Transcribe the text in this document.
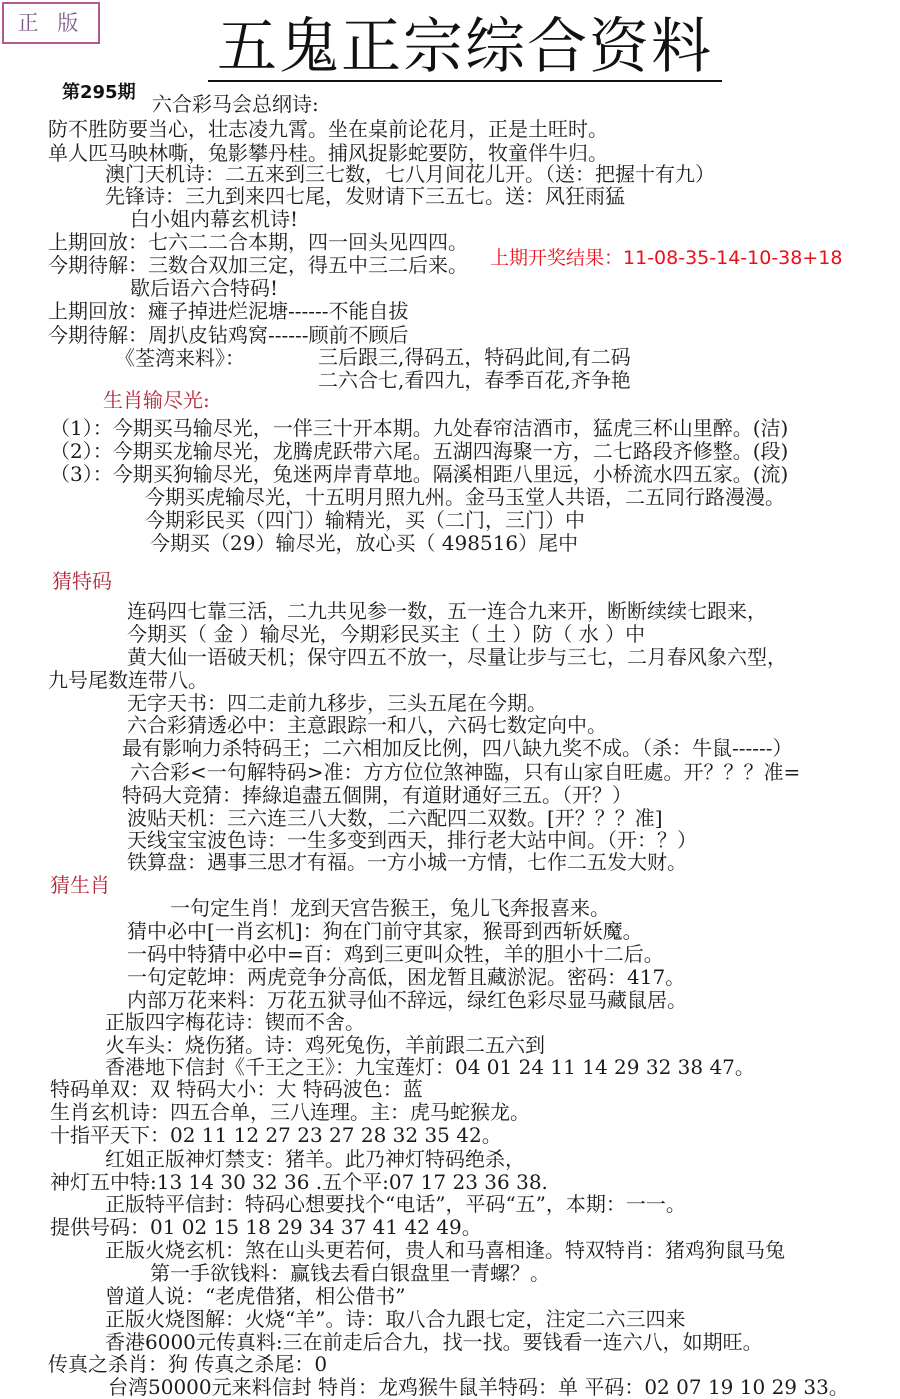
正 版 五鬼正宗综合资料
第295期 六合彩马会总纲诗:
防不胜防要当心，壮志凌九霄。坐在桌前论花月，正是土旺时。
单人匹马映林嘶，兔影攀丹桂。捕风捉影蛇要防，牧童伴牛归。
澳门天机诗：二五来到三七数，七八月间花儿开。（送：把握十有九）
先锋诗：三九到来四七尾，发财请下三五七。送：风狂雨猛
白小姐内幕玄机诗!
上期回放：七六二二合本期，四一回头见四四。
今期待解：三数合双加三定，得五中三二后来。 上期开奖结果：11-08-35-14-10-38+18
歇后语六合特码!
上期回放：瘫子掉进烂泥塘------不能自拔
今期待解：周扒皮钻鸡窝------顾前不顾后
《荃湾来料》：	三后跟三,得码五，特码此间,有二码
二六合七,看四九，春季百花,齐争艳
生肖输尽光:
（1）：今期买马输尽光，一伴三十开本期。九处春帘洁酒市，猛虎三杯山里醉。(洁)
（2）：今期买龙输尽光，龙腾虎跃带六尾。五湖四海聚一方，二七路段齐修整。(段)
（3）：今期买狗输尽光，兔迷两岸青草地。隔溪相距八里远，小桥流水四五家。(流)
今期买虎输尽光，十五明月照九州。金马玉堂人共语，二五同行路漫漫。
今期彩民买（四门）输精光，买（二门，三门）中
今期买（29）输尽光，放心买（ 498516）尾中
猜特码
连码四七靠三活，二九共见参一数，五一连合九来开，断断续续七跟来，
今期买（ 金 ）输尽光，今期彩民买主（ 土 ）防（ 水 ）中
黄大仙一语破天机；保守四五不放一，尽量让步与三七，二月春风象六型，
九号尾数连带八。
无字天书：四二走前九移步，三头五尾在今期。
六合彩猜透必中：主意跟踪一和八，六码七数定向中。
最有影响力杀特码王；二六相加反比例，四八缺九奖不成。（杀：牛鼠------）
六合彩<一句解特码>准：方方位位煞神臨，只有山家自旺處。开？？？准=
特码大竞猜：捧綠追盡五個開，有道財通好三五。（开？）
波贴天机：三六连三八大数，二六配四二双数。[开？？？准]
天线宝宝波色诗：一生多变到西天，排行老大站中间。（开：？）
铁算盘：遇事三思才有福。一方小城一方情，七作二五发大财。
猜生肖
一句定生肖！龙到天宫告猴王，兔儿飞奔报喜来。
猜中必中[一肖玄机]：狗在门前守其家，猴哥到西斩妖魔。
一码中特猜中必中=百：鸡到三更叫众牲，羊的胆小十二后。
一句定乾坤：两虎竞争分高低，困龙暂且藏淤泥。密码：417。
内部万花来料：万花五狱寻仙不辞远，绿红色彩尽显马藏鼠居。
正版四字梅花诗：锲而不舍。
火车头：烧伤猪。诗：鸡死兔伤，羊前跟二五六到
香港地下信封《千王之王》：九宝莲灯：04 01 24 11 14 29 32 38 47。
特码单双：双 特码大小：大 特码波色：蓝
生肖玄机诗：四五合单，三八连理。主：虎马蛇猴龙。
十指平天下：02 11 12 27 23 27 28 32 35 42。
红姐正版神灯禁支：猪羊。此乃神灯特码绝杀，
神灯五中特:13 14 30 32 36 .五个平:07 17 23 36 38.
正版特平信封：特码心想要找个“电话”，平码“五”，本期：一一。
提供号码：01 02 15 18 29 34 37 41 42 49。
正版火烧玄机：煞在山头更若何，贵人和马喜相逢。特双特肖：猪鸡狗鼠马兔
第一手欲钱料：赢钱去看白银盘里一青螺？。
曾道人说：“老虎借猪，相公借书”
正版火烧图解：火烧“羊”。诗：取八合九跟七定，注定二六三四来
香港6000元传真料:三在前走后合九，找一找。要钱看一连六八，如期旺。
传真之杀肖：狗 传真之杀尾：0
台湾50000元来料信封 特肖：龙鸡猴牛鼠羊特码：单 平码：02 07 19 10 29 33。
